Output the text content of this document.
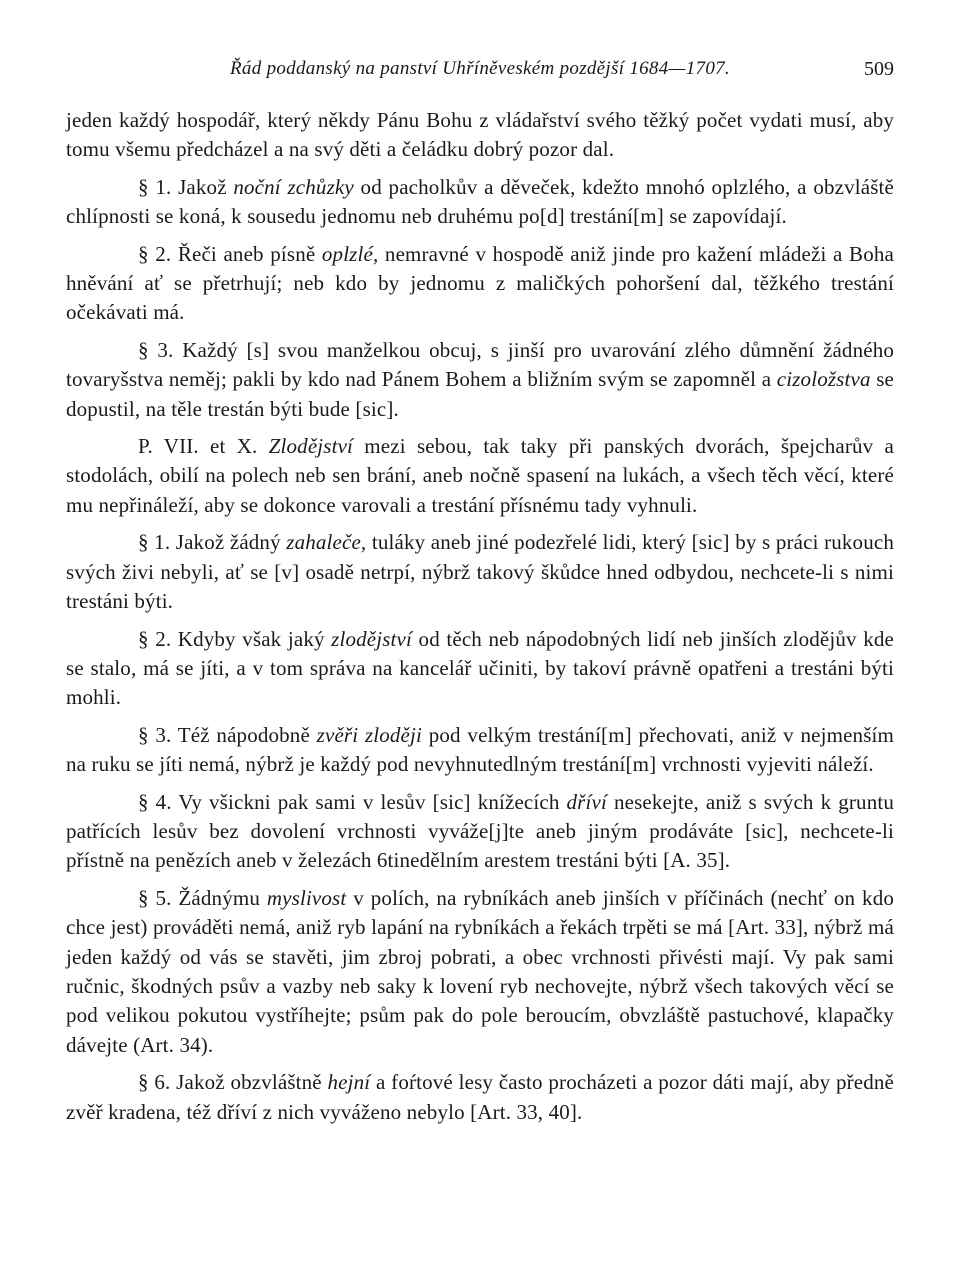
Řád poddanský na panství Uhříněveském pozdější 1684—1707.	509

jeden každý hospodář, který někdy Pánu Bohu z vládařství svého těžký počet vydati musí, aby tomu všemu předcházel a na svý děti a čeládku dobrý pozor dal.

§ 1. Jakož noční zchůzky od pacholkův a děveček, kdežto mnohó oplzlého, a obzvláště chlípnosti se koná, k sousedu jednomu neb druhému po[d] trestání[m] se zapovídají.

§ 2. Řeči aneb písně oplzlé, nemravné v hospodě aniž jinde pro kažení mládeži a Boha hněvání ať se přetrhují; neb kdo by jednomu z maličkých pohoršení dal, těžkého trestání očekávati má.

§ 3. Každý [s] svou manželkou obcuj, s jinší pro uvarování zlého důmnění žádného tovaryšstva neměj; pakli by kdo nad Pánem Bohem a bližním svým se zapomněl a cizoložstva se dopustil, na těle trestán býti bude [sic].

P. VII. et X. Zlodějství mezi sebou, tak taky při panských dvorách, špejcharův a stodolách, obilí na polech neb sen brání, aneb nočně spasení na lukách, a všech těch věcí, které mu nepřináleží, aby se dokonce varovali a trestání přísnému tady vyhnuli.

§ 1. Jakož žádný zahaleče, tuláky aneb jiné podezřelé lidi, který [sic] by s práci rukouch svých živi nebyli, ať se [v] osadě netrpí, nýbrž takový škůdce hned odbydou, nechcete-li s nimi trestáni býti.

§ 2. Kdyby však jaký zlodějství od těch neb nápodobných lidí neb jinších zlodějův kde se stalo, má se jíti, a v tom správa na kancelář učiniti, by takoví právně opatřeni a trestáni býti mohli.

§ 3. Též nápodobně zvěři zloději pod velkým trestání[m] přechovati, aniž v nejmenším na ruku se jíti nemá, nýbrž je každý pod nevyhnutedlným trestání[m] vrchnosti vyjeviti náleží.

§ 4. Vy všickni pak sami v lesův [sic] knížecích dříví nesekejte, aniž s svých k gruntu patřících lesův bez dovolení vrchnosti vyváže[j]te aneb jiným prodáváte [sic], nechcete-li přístně na penězích aneb v železách 6tinedělním arestem trestáni býti [A. 35].

§ 5. Žádnýmu myslivost v polích, na rybníkách aneb jinších v příčinách (nechť on kdo chce jest) prováděti nemá, aniž ryb lapání na rybníkách a řekách trpěti se má [Art. 33], nýbrž má jeden každý od vás se stavěti, jim zbroj pobrati, a obec vrchnosti přivésti mají. Vy pak sami ručnic, škodných psův a vazby neb saky k lovení ryb nechovejte, nýbrž všech takových věcí se pod velikou pokutou vystříhejte; psům pak do pole beroucím, obvzláště pastuchové, klapačky dávejte (Art. 34).

§ 6. Jakož obzvláštně hejní a foŕtové lesy často procházeti a pozor dáti mají, aby předně zvěř kradena, též dříví z nich vyváženo nebylo [Art. 33, 40].
